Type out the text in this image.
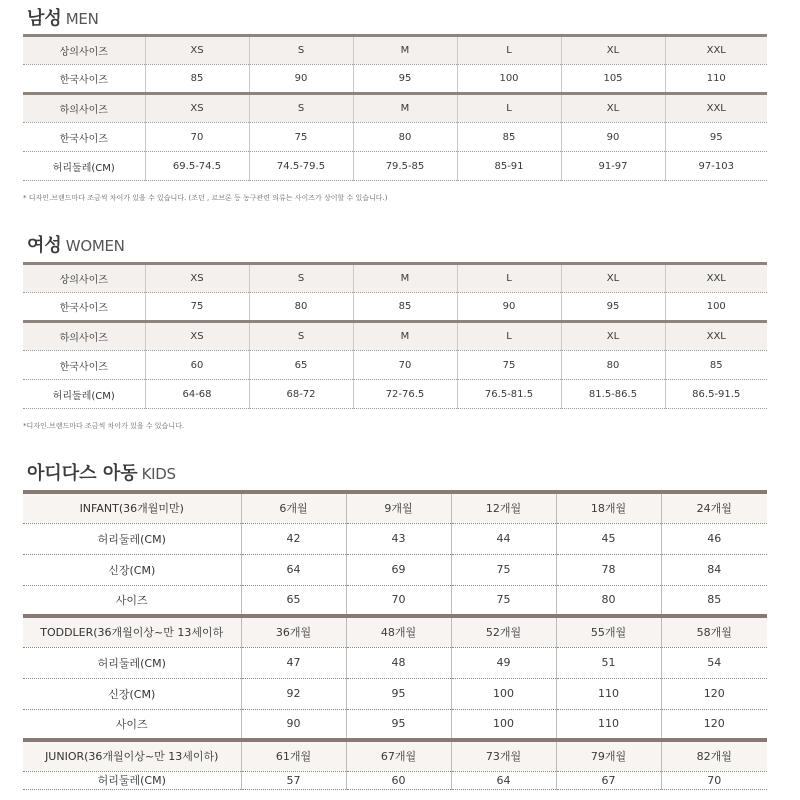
남성 MEN
상의사이즈	XS	S	M	L	XL	XXL
한국사이즈	85	90	95	100	105	110
하의사이즈	XS	S	M	L	XL	XXL
한국사이즈	70	75	80	85	90	95
허리둘레(CM)	69.5-74.5	74.5-79.5	79.5-85	85-91	91-97	97-103
* 디자인.브랜드마다 조금씩 차이가 있을 수 있습니다. (조던 , 르브론 등 농구관련 의류는 사이즈가 상이할 수 있습니다.)
여성 WOMEN
상의사이즈	XS	S	M	L	XL	XXL
한국사이즈	75	80	85	90	95	100
하의사이즈	XS	S	M	L	XL	XXL
한국사이즈	60	65	70	75	80	85
허리둘레(CM)	64-68	68-72	72-76.5	76.5-81.5	81.5-86.5	86.5-91.5
*디자인.브랜드마다 조금씩 차이가 있을 수 있습니다.
아디다스 아동 KIDS
INFANT(36개월미만)	6개월	9개월	12개월	18개월	24개월
허리둘레(CM)	42	43	44	45	46
신장(CM)	64	69	75	78	84
사이즈	65	70	75	80	85
TODDLER(36개월이상~만 13세이하	36개월	48개월	52개월	55개월	58개월
허리둘레(CM)	47	48	49	51	54
신장(CM)	92	95	100	110	120
사이즈	90	95	100	110	120
JUNIOR(36개월이상~만 13세이하)	61개월	67개월	73개월	79개월	82개월
허리둘레(CM)	57	60	64	67	70
